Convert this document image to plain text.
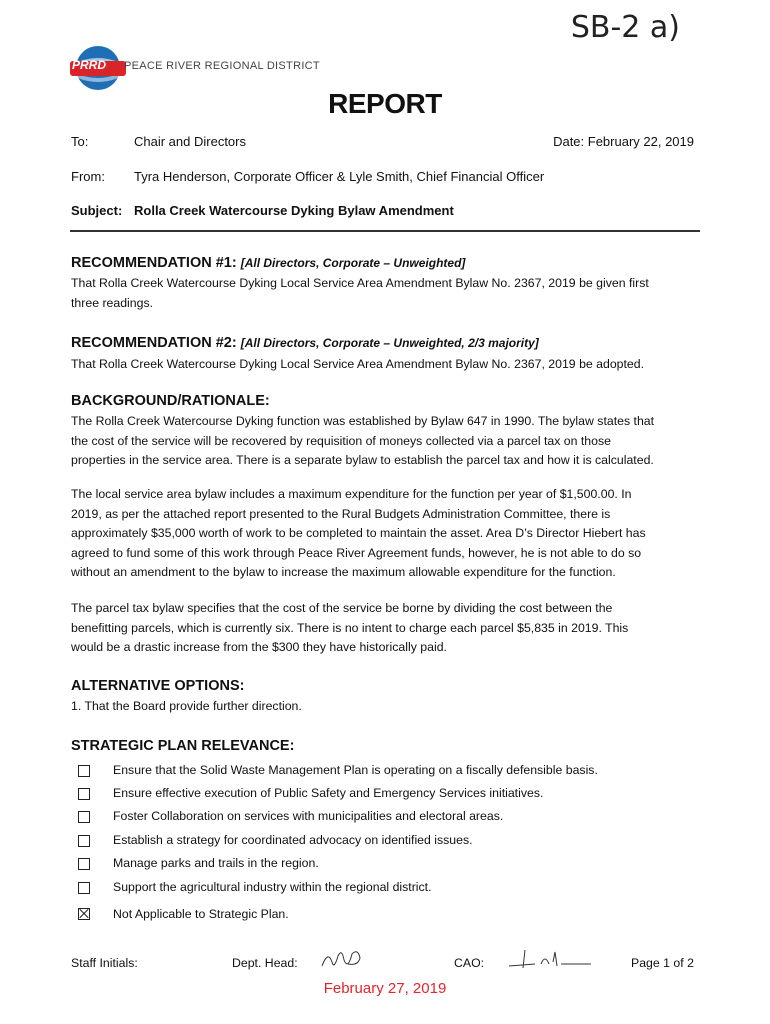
SB-2 a)
PRRD PEACE RIVER REGIONAL DISTRICT
REPORT
To:	Chair and Directors	Date: February 22, 2019
From: Tyra Henderson, Corporate Officer & Lyle Smith, Chief Financial Officer
Subject: Rolla Creek Watercourse Dyking Bylaw Amendment
RECOMMENDATION #1: [All Directors, Corporate – Unweighted]
That Rolla Creek Watercourse Dyking Local Service Area Amendment Bylaw No. 2367, 2019 be given first
three readings.
RECOMMENDATION #2: [All Directors, Corporate – Unweighted, 2/3 majority]
That Rolla Creek Watercourse Dyking Local Service Area Amendment Bylaw No. 2367, 2019 be adopted.
BACKGROUND/RATIONALE:
The Rolla Creek Watercourse Dyking function was established by Bylaw 647 in 1990. The bylaw states that
the cost of the service will be recovered by requisition of moneys collected via a parcel tax on those
properties in the service area. There is a separate bylaw to establish the parcel tax and how it is calculated.
The local service area bylaw includes a maximum expenditure for the function per year of $1,500.00. In
2019, as per the attached report presented to the Rural Budgets Administration Committee, there is
approximately $35,000 worth of work to be completed to maintain the asset. Area D’s Director Hiebert has
agreed to fund some of this work through Peace River Agreement funds, however, he is not able to do so
without an amendment to the bylaw to increase the maximum allowable expenditure for the function.
The parcel tax bylaw specifies that the cost of the service be borne by dividing the cost between the
benefitting parcels, which is currently six. There is no intent to charge each parcel $5,835 in 2019. This
would be a drastic increase from the $300 they have historically paid.
ALTERNATIVE OPTIONS:
1. That the Board provide further direction.
STRATEGIC PLAN RELEVANCE:
Ensure that the Solid Waste Management Plan is operating on a fiscally defensible basis.
Ensure effective execution of Public Safety and Emergency Services initiatives.
Foster Collaboration on services with municipalities and electoral areas.
Establish a strategy for coordinated advocacy on identified issues.
Manage parks and trails in the region.
Support the agricultural industry within the regional district.
Not Applicable to Strategic Plan.
Staff Initials:	Dept. Head:	CAO:	Page 1 of 2
February 27, 2019
